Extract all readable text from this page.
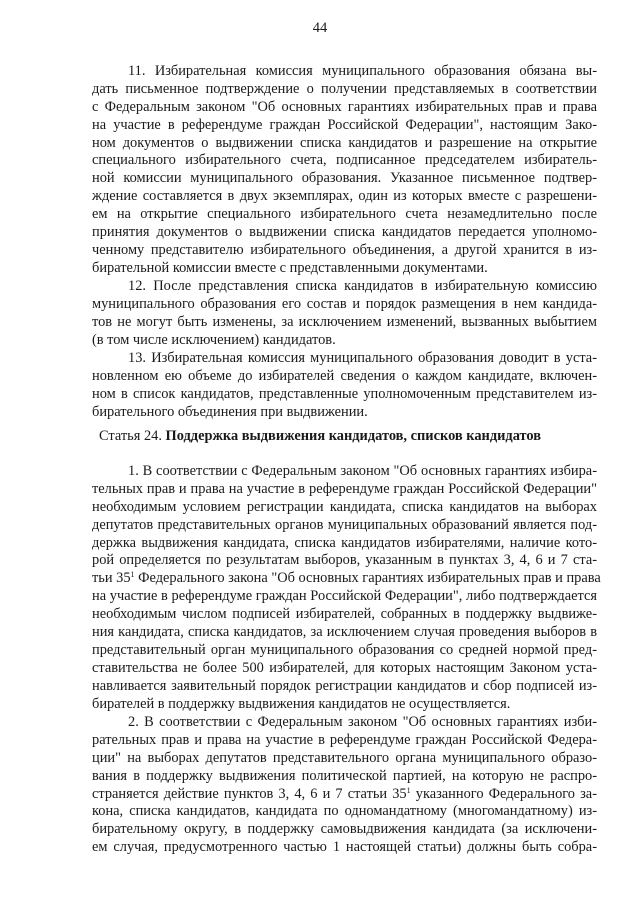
44
11. Избирательная комиссия муниципального образования обязана вы-
дать письменное подтверждение о получении представляемых в соответствии
с Федеральным законом "Об основных гарантиях избирательных прав и права
на участие в референдуме граждан Российской Федерации", настоящим Зако-
ном документов о выдвижении списка кандидатов и разрешение на открытие
специального избирательного счета, подписанное председателем избиратель-
ной комиссии муниципального образования. Указанное письменное подтвер-
ждение составляется в двух экземплярах, один из которых вместе с разрешени-
ем на открытие специального избирательного счета незамедлительно после
принятия документов о выдвижении списка кандидатов передается уполномо-
ченному представителю избирательного объединения, а другой хранится в из-
бирательной комиссии вместе с представленными документами.
12. После представления списка кандидатов в избирательную комиссию
муниципального образования его состав и порядок размещения в нем кандида-
тов не могут быть изменены, за исключением изменений, вызванных выбытием
(в том числе исключением) кандидатов.
13. Избирательная комиссия муниципального образования доводит в уста-
новленном ею объеме до избирателей сведения о каждом кандидате, включен-
ном в список кандидатов, представленные уполномоченным представителем из-
бирательного объединения при выдвижении.
Статья 24. Поддержка выдвижения кандидатов, списков кандидатов
1. В соответствии с Федеральным законом "Об основных гарантиях избира-
тельных прав и права на участие в референдуме граждан Российской Федерации"
необходимым условием регистрации кандидата, списка кандидатов на выборах
депутатов представительных органов муниципальных образований является под-
держка выдвижения кандидата, списка кандидатов избирателями, наличие кото-
рой определяется по результатам выборов, указанным в пунктах 3, 4, 6 и 7 ста-
тьи $35^1$ Федерального закона "Об основных гарантиях избирательных прав и права
на участие в референдуме граждан Российской Федерации", либо подтверждается
необходимым числом подписей избирателей, собранных в поддержку выдвиже-
ния кандидата, списка кандидатов, за исключением случая проведения выборов в
представительный орган муниципального образования со средней нормой пред-
ставительства не более 500 избирателей, для которых настоящим Законом уста-
навливается заявительный порядок регистрации кандидатов и сбор подписей из-
бирателей в поддержку выдвижения кандидатов не осуществляется.
2. В соответствии с Федеральным законом "Об основных гарантиях изби-
рательных прав и права на участие в референдуме граждан Российской Федера-
ции" на выборах депутатов представительного органа муниципального образо-
вания в поддержку выдвижения политической партией, на которую не распро-
страняется действие пунктов 3, 4, 6 и 7 статьи $35^1$ указанного Федерального за-
кона, списка кандидатов, кандидата по одномандатному (многомандатному) из-
бирательному округу, в поддержку самовыдвижения кандидата (за исключени-
ем случая, предусмотренного частью 1 настоящей статьи) должны быть собра-
